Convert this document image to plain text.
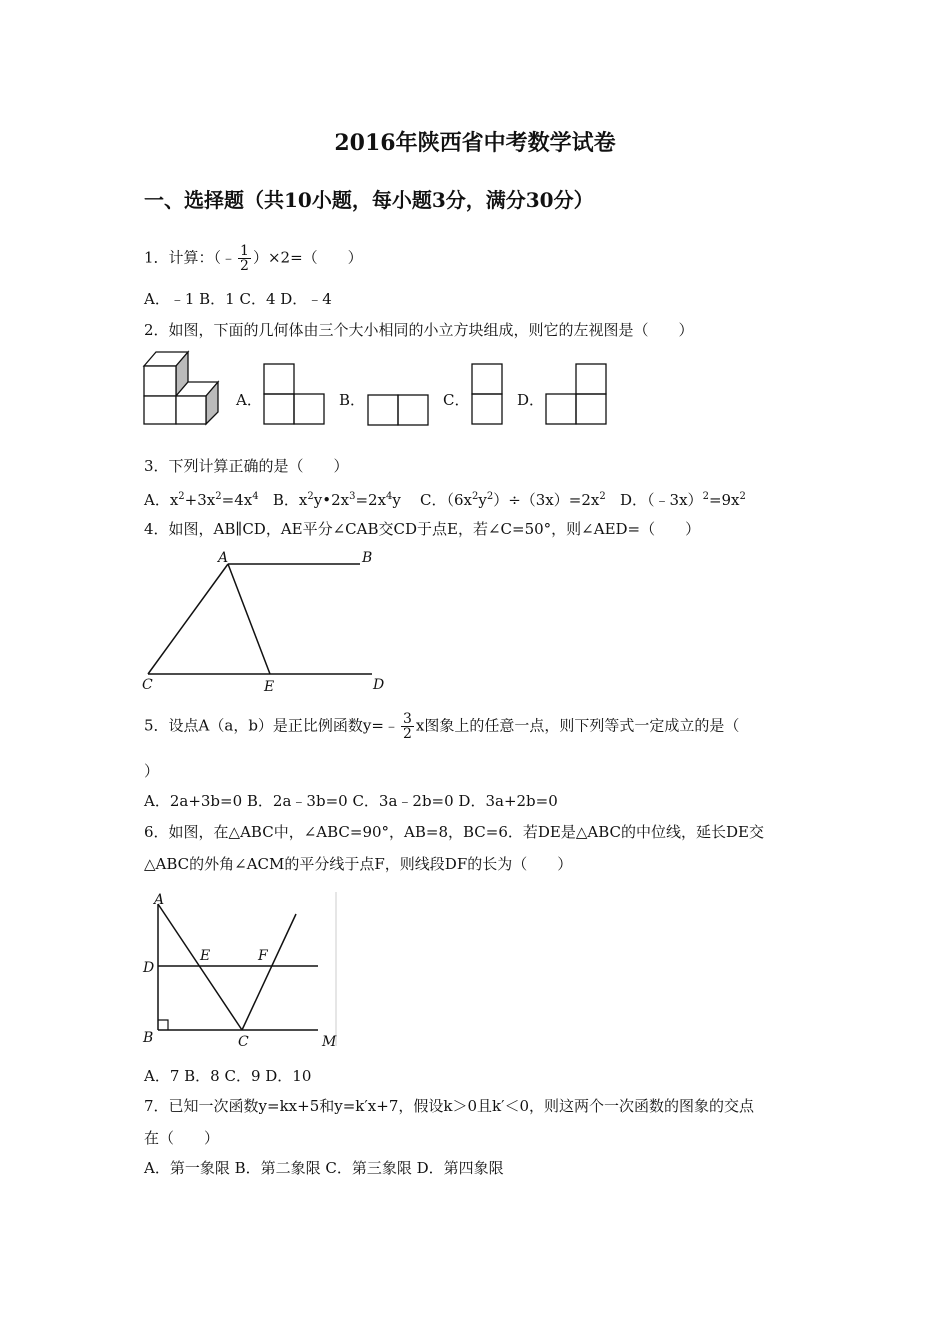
2016年陕西省中考数学试卷
一、选择题（共10小题，每小题3分，满分30分）
1．计算：（﹣ $\frac{1}{2} )\times 2=$（　　）
A．﹣1 B．1 C．4 D．﹣4
2．如图，下面的几何体由三个大小相同的小立方块组成，则它的左视图是（　　）
A．	B．	C．	D．
3．下列计算正确的是（　　）
A．$x^2+3x^2=4x^4$ B．$x^2y•2x^3=2x^4y$ C．$(6x^2y^2)\div(3x)=2x^2$ D．$(﹣3x)^2=9x^2$
4．如图，AB∥CD，AE平分∠CAB交CD于点E，若∠C=50°，则∠AED=（　　）
A	B
C	E	D
5．设点A（a，b）是正比例函数y=﹣ $\frac{3}{2}$ x图象上的任意一点，则下列等式一定成立的是（
）
A．2a+3b=0 B．2a﹣3b=0 C．3a﹣2b=0 D．3a+2b=0
6．如图，在△ABC中，∠ABC=90°，AB=8，BC=6．若DE是△ABC的中位线，延长DE交
△ABC的外角∠ACM的平分线于点F，则线段DF的长为（　　）
A
D
E	F
B	C	M
A．7 B．8 C．9 D．10
7．已知一次函数y=kx+5和y=k′x+7，假设k＞0且k′＜0，则这两个一次函数的图象的交点
在（　　）
A．第一象限 B．第二象限 C．第三象限 D．第四象限
